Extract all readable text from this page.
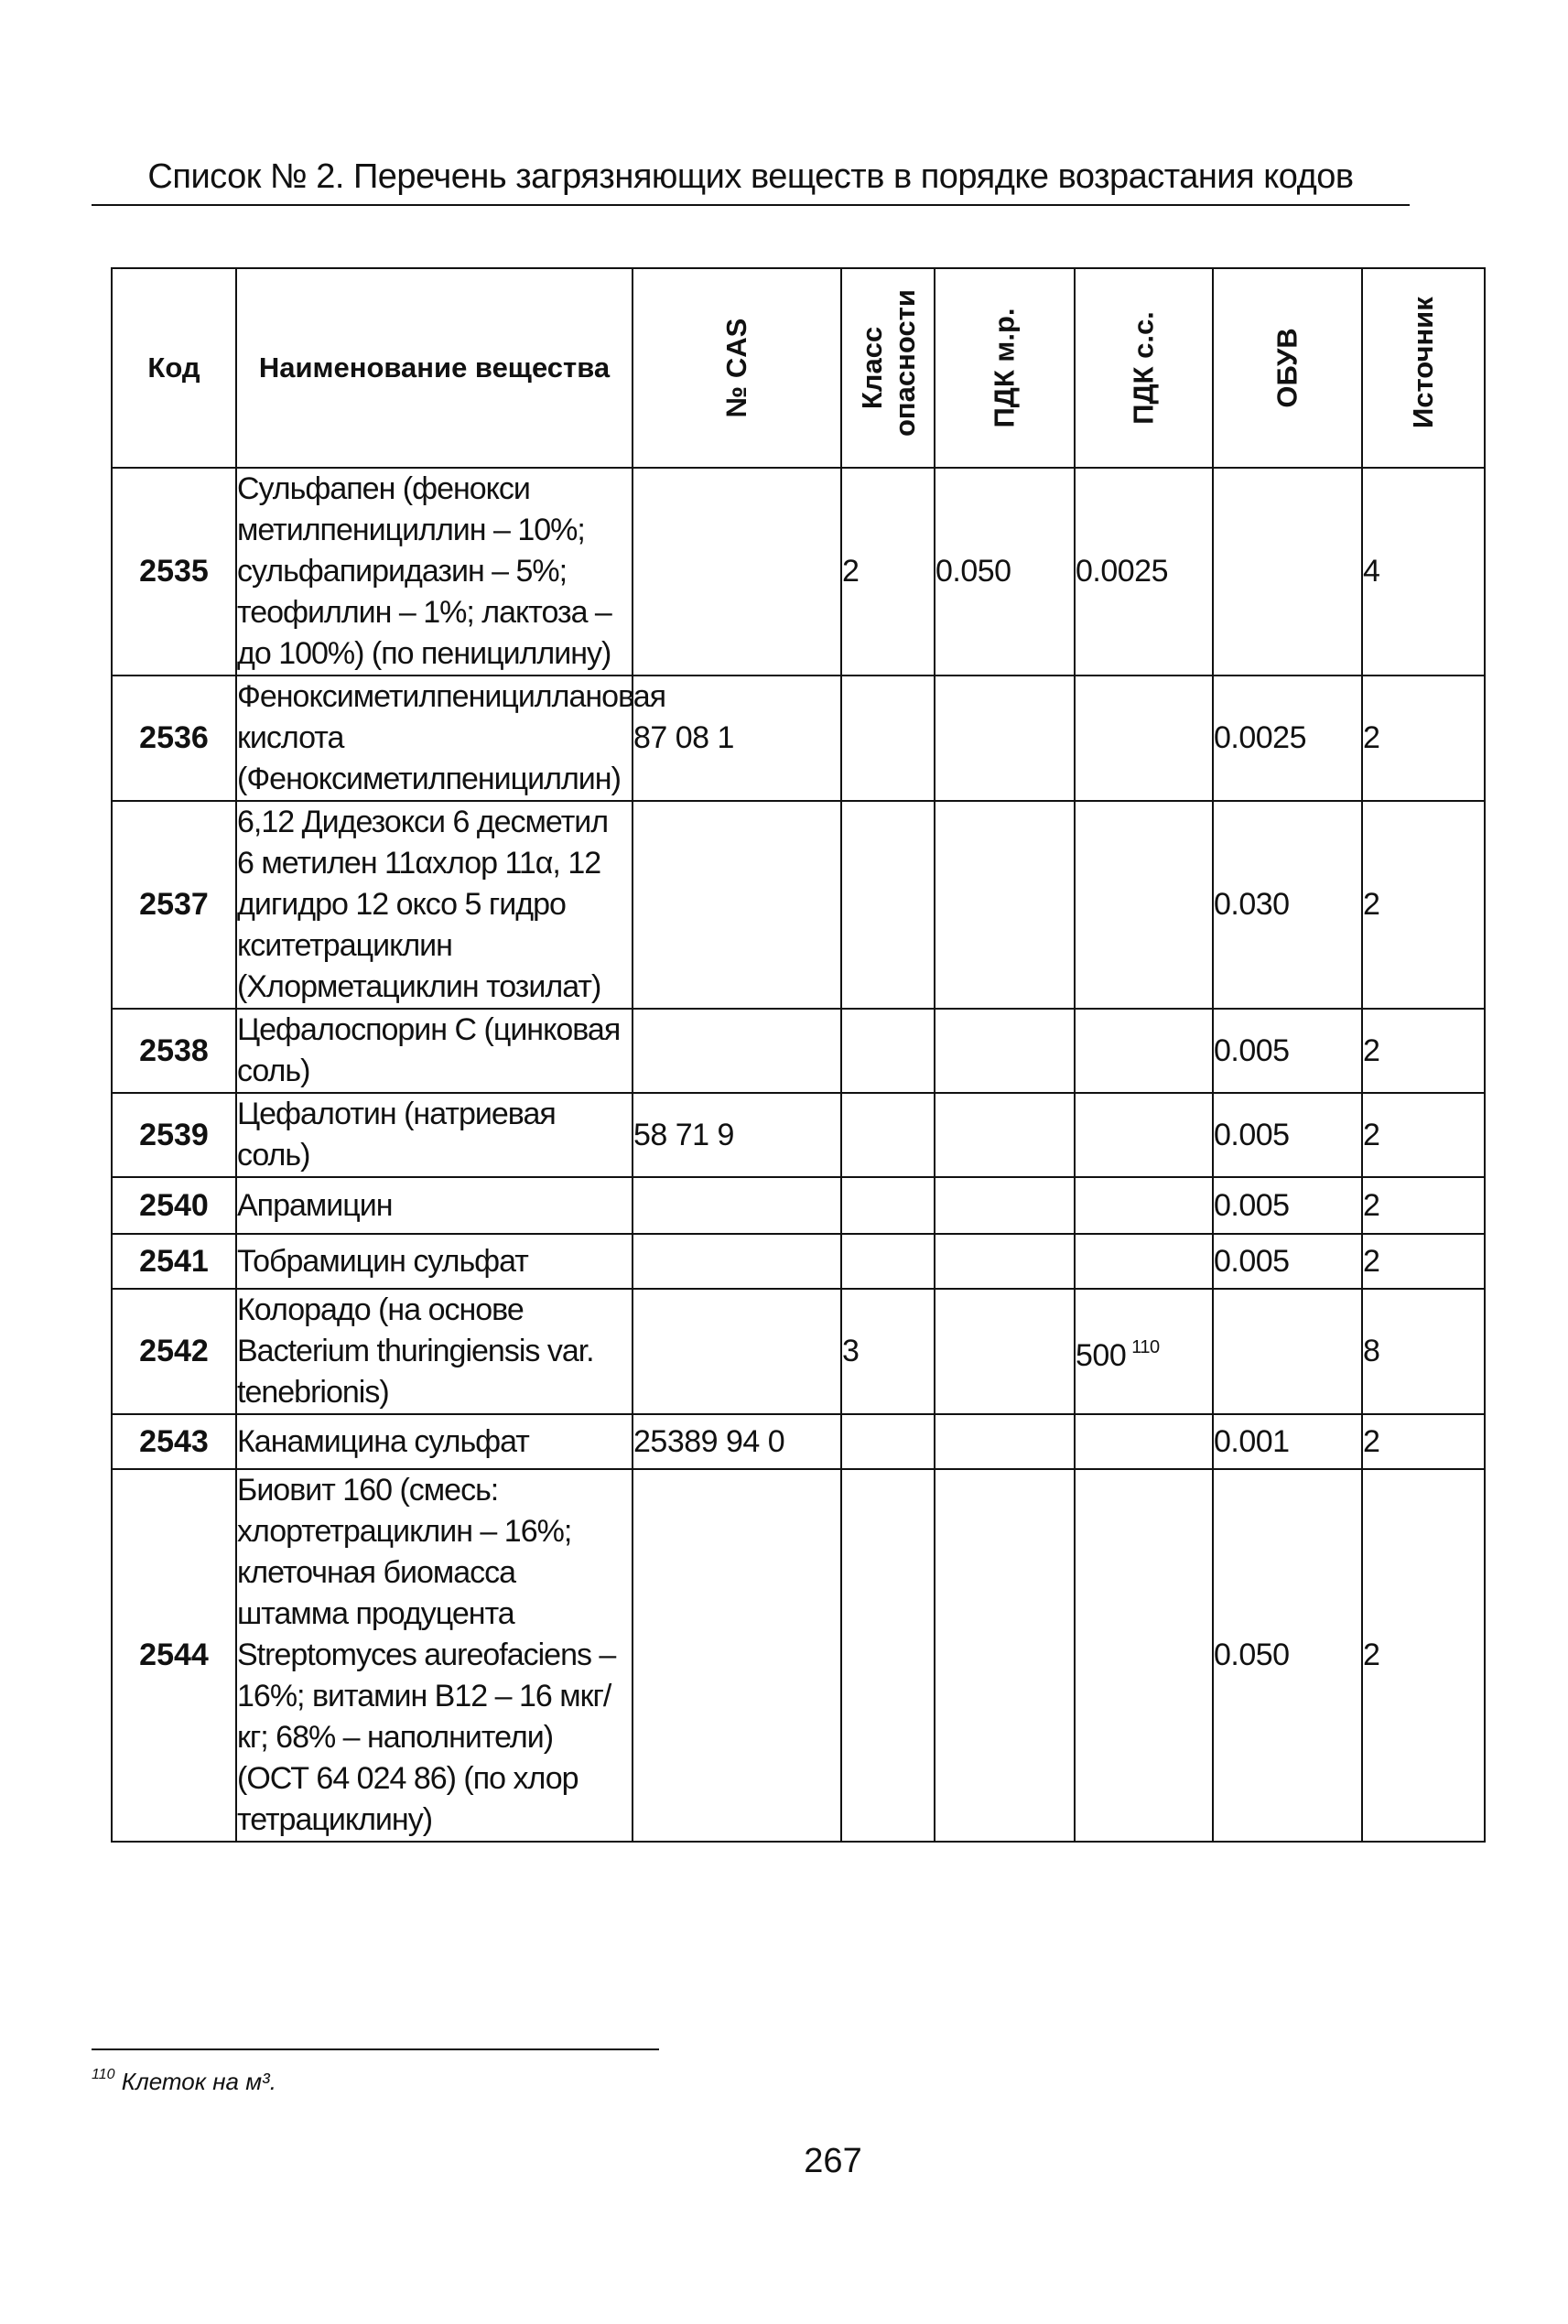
Список № 2. Перечень загрязняющих веществ в порядке возрастания кодов
Код	Наименование вещества	№ CAS	Класс опасности	ПДК м.р.	ПДК с.с.	ОБУВ	Источник

2535	Сульфапен (фенокси метилпенициллин – 10%; сульфапиридазин – 5%; теофиллин – 1%; лактоза – до 100%) (по пенициллину)		2	0.050	0.0025		4
2536	Феноксиметилпенициллановая кислота (Феноксиметилпенициллин)	87 08 1				0.0025	2
2537	6,12 Дидезокси 6 десметил 6 метилен 11αхлор 11α, 12 дигидро 12 оксо 5 гидро кситетрациклин (Хлорметациклин тозилат)					0.030	2
2538	Цефалоспорин С (цинковая соль)					0.005	2
2539	Цефалотин (натриевая соль)	58 71 9				0.005	2
2540	Апрамицин					0.005	2
2541	Тобрамицин сульфат					0.005	2
2542	Колорадо (на основе Bacterium thuringiensis var. tenebrionis)		3		500 $^{110}$		8
2543	Канамицина сульфат	25389 94 0				0.001	2
2544	Биовит 160 (смесь: хлортетрациклин – 16%; клеточная биомасса штамма продуцента Streptomyces aureofaciens – 16%; витамин B12 – 16 мкг/кг; 68% – наполнители) (ОСТ 64 024 86) (по хлор тетрациклину)					0.050	2
$^{110}$ Клеток на м³.
267
